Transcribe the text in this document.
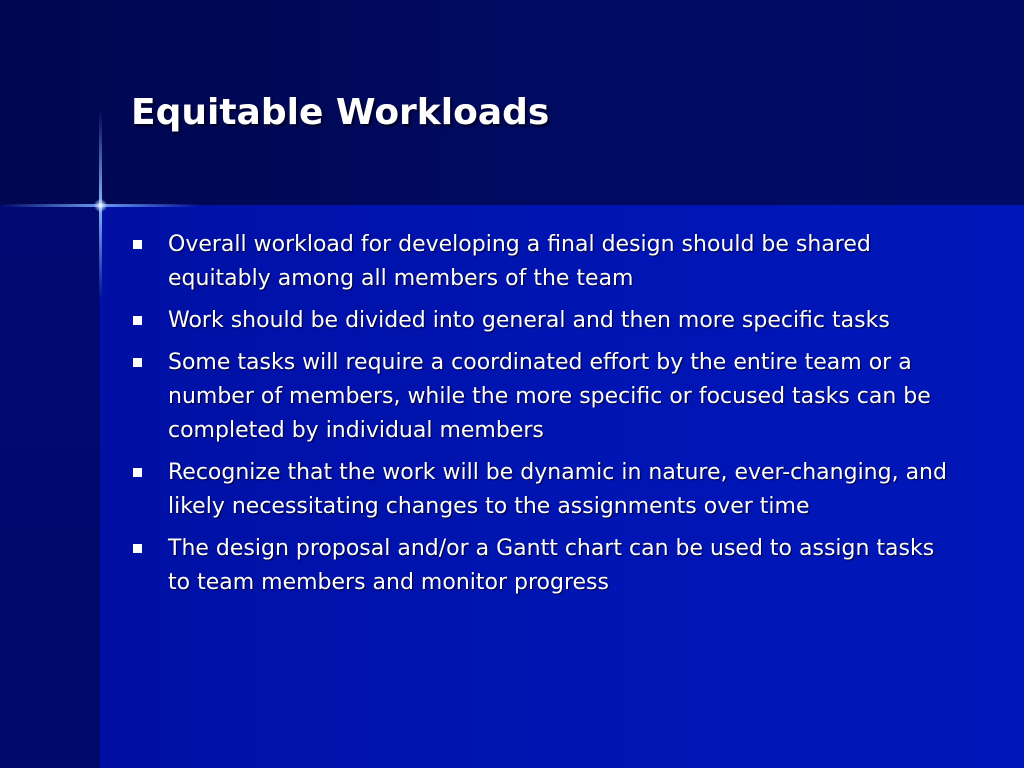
Equitable Workloads
Overall workload for developing a final design should be shared equitably among all members of the team
Work should be divided into general and then more specific tasks
Some tasks will require a coordinated effort by the entire team or a number of members, while the more specific or focused tasks can be completed by individual members
Recognize that the work will be dynamic in nature, ever-changing, and likely necessitating changes to the assignments over time
The design proposal and/or a Gantt chart can be used to assign tasks to team members and monitor progress
